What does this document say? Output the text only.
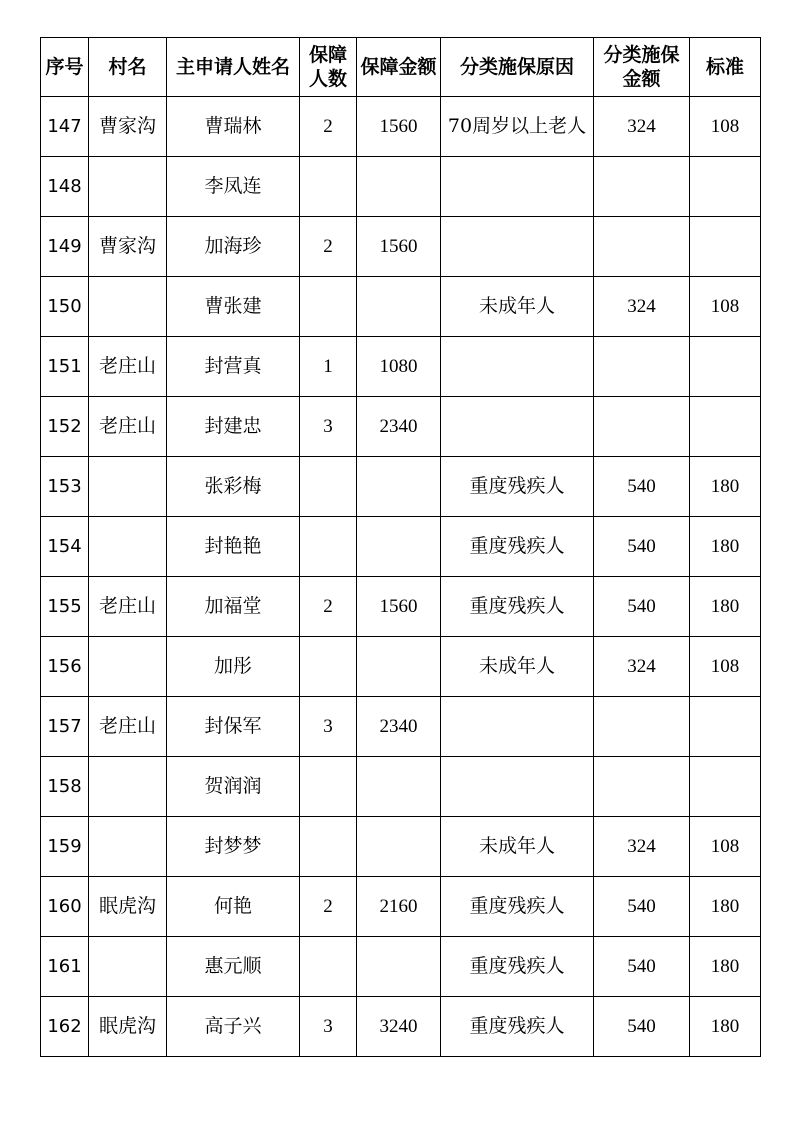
序号	村名	主申请人姓名	保障人数	保障金额	分类施保原因	分类施保金额	标准
147	曹家沟	曹瑞林	2	1560	70周岁以上老人	324	108
148		李凤连					
149	曹家沟	加海珍	2	1560			
150		曹张建			未成年人	324	108
151	老庄山	封营真	1	1080			
152	老庄山	封建忠	3	2340			
153		张彩梅			重度残疾人	540	180
154		封艳艳			重度残疾人	540	180
155	老庄山	加福堂	2	1560	重度残疾人	540	180
156		加彤			未成年人	324	108
157	老庄山	封保军	3	2340			
158		贺润润					
159		封梦梦			未成年人	324	108
160	眠虎沟	何艳	2	2160	重度残疾人	540	180
161		惠元顺			重度残疾人	540	180
162	眠虎沟	高子兴	3	3240	重度残疾人	540	180
